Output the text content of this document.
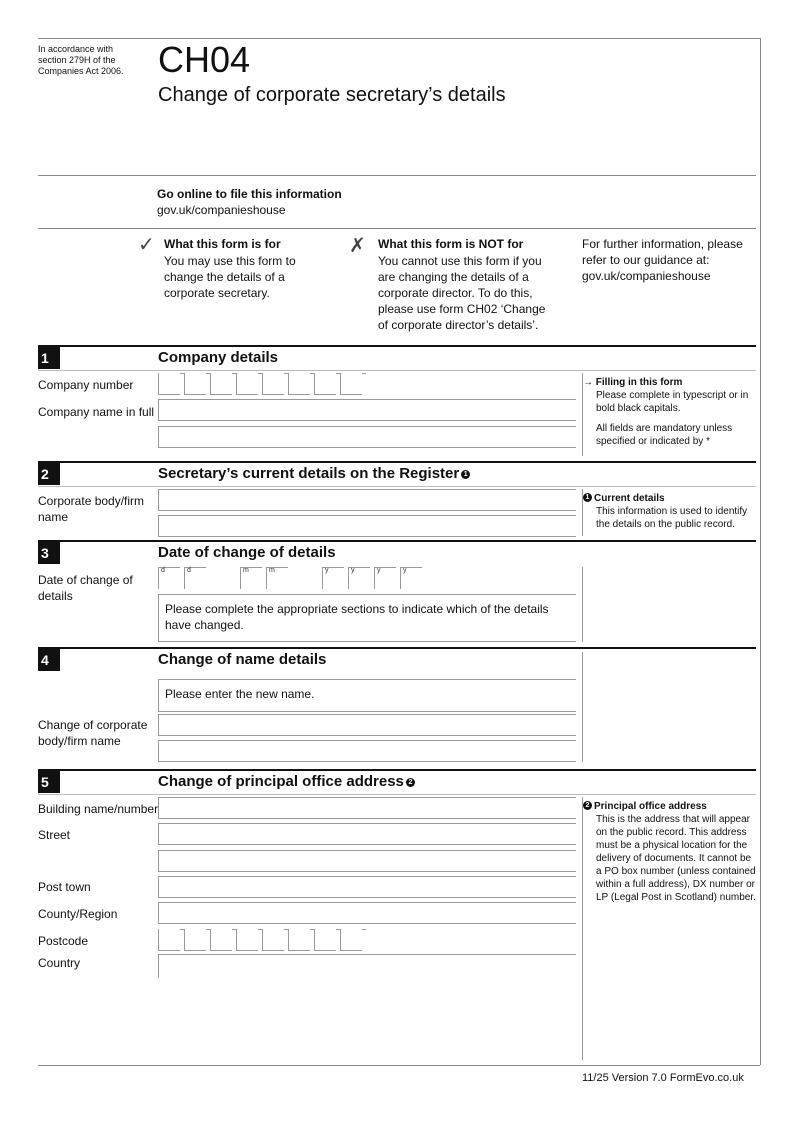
In accordance with section 279H of the Companies Act 2006. CH04
Change of corporate secretary’s details
Go online to file this information
gov.uk/companieshouse
✓ What this form is for
You may use this form to change the details of a corporate secretary.
✗ What this form is NOT for
You cannot use this form if you are changing the details of a corporate director. To do this, please use form CH02 ‘Change of corporate director’s details’.
For further information, please refer to our guidance at: gov.uk/companieshouse
1	Company details
Company number
Company name in full
→ Filling in this form
Please complete in typescript or in bold black capitals.
All fields are mandatory unless specified or indicated by *
2	Secretary’s current details on the Register 1
Corporate body/firm name
1 Current details
This information is used to identify the details on the public record.
3	Date of change of details
Date of change of details
d	d	m	m	y	y	y	y
Please complete the appropriate sections to indicate which of the details have changed.
4	Change of name details
Please enter the new name.
Change of corporate body/firm name
5	Change of principal office address 2
Building name/number
Street
Post town
County/Region
Postcode
Country
2 Principal office address
This is the address that will appear on the public record. This address must be a physical location for the delivery of documents. It cannot be a PO box number (unless contained within a full address), DX number or LP (Legal Post in Scotland) number.
11/25 Version 7.0 FormEvo.co.uk
